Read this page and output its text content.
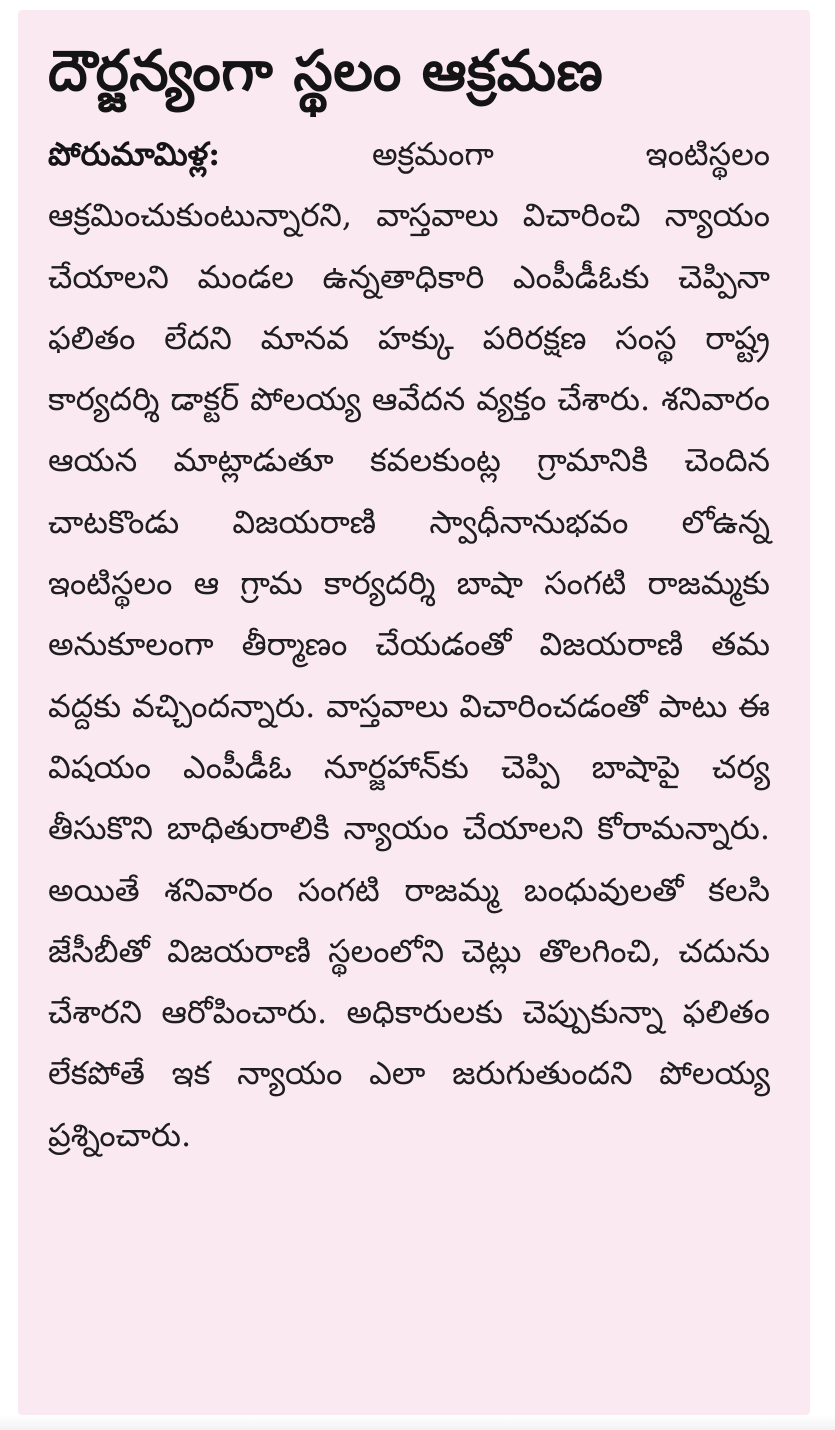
దౌర్జన్యంగా స్థలం ఆక్రమణ

పోరుమామిళ్ల:	అక్రమంగా ఇంటిస్థలం ఆక్రమించుకుంటున్నారని, వాస్తవాలు విచారించి న్యాయం చేయాలని మండల ఉన్నతాధికారి ఎంపీడీఓకు చెప్పినా ఫలితం లేదని మానవ హక్కు పరిరక్షణ సంస్థ రాష్ట్ర కార్యదర్శి డాక్టర్ పోలయ్య ఆవేదన వ్యక్తం చేశారు. శనివారం ఆయన మాట్లాడుతూ కవలకుంట్ల గ్రామానికి చెందిన చాటకొండు విజయరాణి స్వాధీనానుభవం లోఉన్న ఇంటిస్థలం ఆ గ్రామ కార్యదర్శి బాషా సంగటి రాజమ్మకు అనుకూలంగా తీర్మాణం చేయడంతో విజయరాణి తమ వద్దకు వచ్చిందన్నారు. వాస్తవాలు విచారించడంతో పాటు ఈ విషయం ఎంపీడీఓ నూర్జహాన్‌కు చెప్పి బాషాపై చర్య తీసుకొని బాధితురాలికి న్యాయం చేయాలని కోరామన్నారు. అయితే శనివారం సంగటి రాజమ్మ బంధువులతో కలసి జేసీబీతో విజయరాణి స్థలంలోని చెట్లు తొలగించి, చదును చేశారని ఆరోపించారు. అధికారులకు చెప్పుకున్నా ఫలితం లేకపోతే ఇక న్యాయం ఎలా జరుగుతుందని పోలయ్య ప్రశ్నించారు.
